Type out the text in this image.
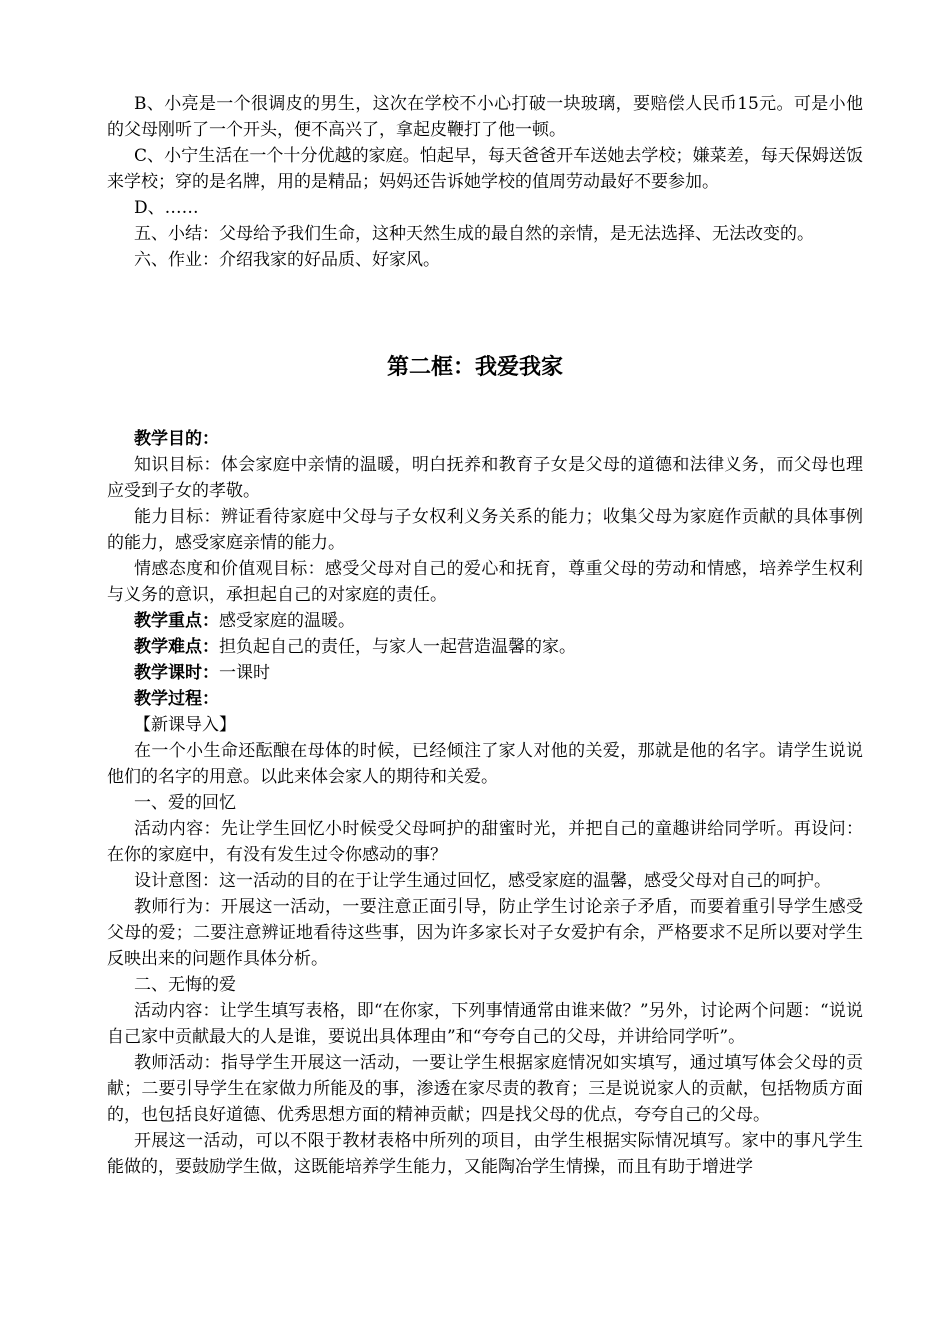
B、小亮是一个很调皮的男生，这次在学校不小心打破一块玻璃，要赔偿人民币15元。可是小他的父母刚听了一个开头，便不高兴了，拿起皮鞭打了他一顿。

C、小宁生活在一个十分优越的家庭。怕起早，每天爸爸开车送她去学校；嫌菜差，每天保姆送饭来学校；穿的是名牌，用的是精品；妈妈还告诉她学校的值周劳动最好不要参加。

D、……

五、小结：父母给予我们生命，这种天然生成的最自然的亲情，是无法选择、无法改变的。

六、作业：介绍我家的好品质、好家风。

第二框：我爱我家

教学目的：

知识目标：体会家庭中亲情的温暖，明白抚养和教育子女是父母的道德和法律义务，而父母也理应受到子女的孝敬。

能力目标：辨证看待家庭中父母与子女权利义务关系的能力；收集父母为家庭作贡献的具体事例的能力，感受家庭亲情的能力。

情感态度和价值观目标：感受父母对自己的爱心和抚育，尊重父母的劳动和情感，培养学生权利与义务的意识，承担起自己的对家庭的责任。

教学重点：感受家庭的温暖。

教学难点：担负起自己的责任，与家人一起营造温馨的家。

教学课时：一课时

教学过程：

【新课导入】

在一个小生命还酝酿在母体的时候，已经倾注了家人对他的关爱，那就是他的名字。请学生说说他们的名字的用意。以此来体会家人的期待和关爱。

一、爱的回忆

活动内容：先让学生回忆小时候受父母呵护的甜蜜时光，并把自己的童趣讲给同学听。再设问：在你的家庭中，有没有发生过令你感动的事？

设计意图：这一活动的目的在于让学生通过回忆，感受家庭的温馨，感受父母对自己的呵护。

教师行为：开展这一活动，一要注意正面引导，防止学生讨论亲子矛盾，而要着重引导学生感受父母的爱；二要注意辨证地看待这些事，因为许多家长对子女爱护有余，严格要求不足所以要对学生反映出来的问题作具体分析。

二、无悔的爱

活动内容：让学生填写表格，即“在你家，下列事情通常由谁来做？”另外，讨论两个问题：“说说自己家中贡献最大的人是谁，要说出具体理由”和“夸夸自己的父母，并讲给同学听”。

教师活动：指导学生开展这一活动，一要让学生根据家庭情况如实填写，通过填写体会父母的贡献；二要引导学生在家做力所能及的事，渗透在家尽责的教育；三是说说家人的贡献，包括物质方面的，也包括良好道德、优秀思想方面的精神贡献；四是找父母的优点，夸夸自己的父母。

开展这一活动，可以不限于教材表格中所列的项目，由学生根据实际情况填写。家中的事凡学生能做的，要鼓励学生做，这既能培养学生能力，又能陶冶学生情操，而且有助于增进学
